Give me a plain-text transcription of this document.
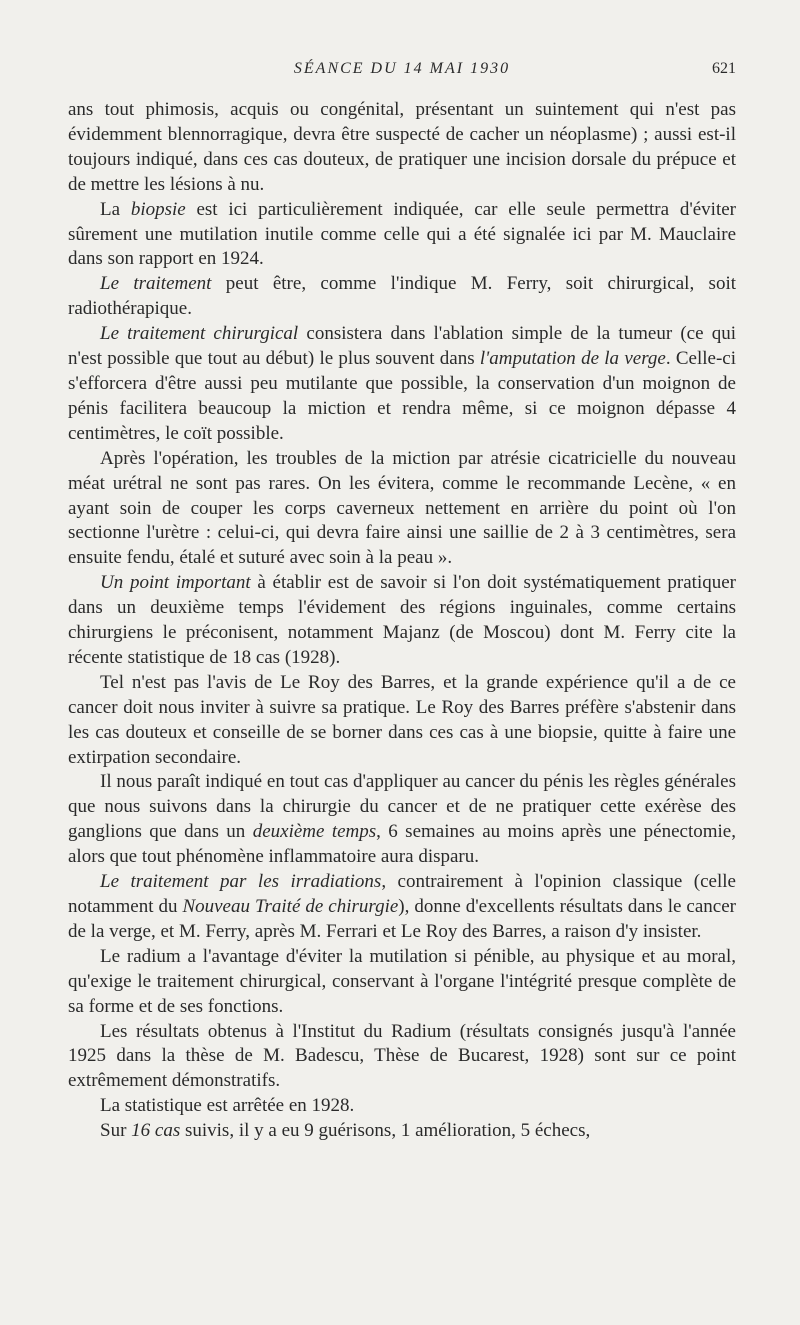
SÉANCE DU 14 MAI 1930	621

ans tout phimosis, acquis ou congénital, présentant un suintement qui n'est pas évidemment blennorragique, devra être suspecté de cacher un néoplasme) ; aussi est-il toujours indiqué, dans ces cas douteux, de pratiquer une incision dorsale du prépuce et de mettre les lésions à nu.

La biopsie est ici particulièrement indiquée, car elle seule permettra d'éviter sûrement une mutilation inutile comme celle qui a été signalée ici par M. Mauclaire dans son rapport en 1924.

Le traitement peut être, comme l'indique M. Ferry, soit chirurgical, soit radiothérapique.

Le traitement chirurgical consistera dans l'ablation simple de la tumeur (ce qui n'est possible que tout au début) le plus souvent dans l'amputation de la verge. Celle-ci s'efforcera d'être aussi peu mutilante que possible, la conservation d'un moignon de pénis facilitera beaucoup la miction et rendra même, si ce moignon dépasse 4 centimètres, le coït possible.

Après l'opération, les troubles de la miction par atrésie cicatricielle du nouveau méat urétral ne sont pas rares. On les évitera, comme le recommande Lecène, « en ayant soin de couper les corps caverneux nettement en arrière du point où l'on sectionne l'urètre : celui-ci, qui devra faire ainsi une saillie de 2 à 3 centimètres, sera ensuite fendu, étalé et suturé avec soin à la peau ».

Un point important à établir est de savoir si l'on doit systématiquement pratiquer dans un deuxième temps l'évidement des régions inguinales, comme certains chirurgiens le préconisent, notamment Majanz (de Moscou) dont M. Ferry cite la récente statistique de 18 cas (1928).

Tel n'est pas l'avis de Le Roy des Barres, et la grande expérience qu'il a de ce cancer doit nous inviter à suivre sa pratique. Le Roy des Barres préfère s'abstenir dans les cas douteux et conseille de se borner dans ces cas à une biopsie, quitte à faire une extirpation secondaire.

Il nous paraît indiqué en tout cas d'appliquer au cancer du pénis les règles générales que nous suivons dans la chirurgie du cancer et de ne pratiquer cette exérèse des ganglions que dans un deuxième temps, 6 semaines au moins après une pénectomie, alors que tout phénomène inflammatoire aura disparu.

Le traitement par les irradiations, contrairement à l'opinion classique (celle notamment du Nouveau Traité de chirurgie), donne d'excellents résultats dans le cancer de la verge, et M. Ferry, après M. Ferrari et Le Roy des Barres, a raison d'y insister.

Le radium a l'avantage d'éviter la mutilation si pénible, au physique et au moral, qu'exige le traitement chirurgical, conservant à l'organe l'intégrité presque complète de sa forme et de ses fonctions.

Les résultats obtenus à l'Institut du Radium (résultats consignés jusqu'à l'année 1925 dans la thèse de M. Badescu, Thèse de Bucarest, 1928) sont sur ce point extrêmement démonstratifs.

La statistique est arrêtée en 1928.

Sur 16 cas suivis, il y a eu 9 guérisons, 1 amélioration, 5 échecs,
